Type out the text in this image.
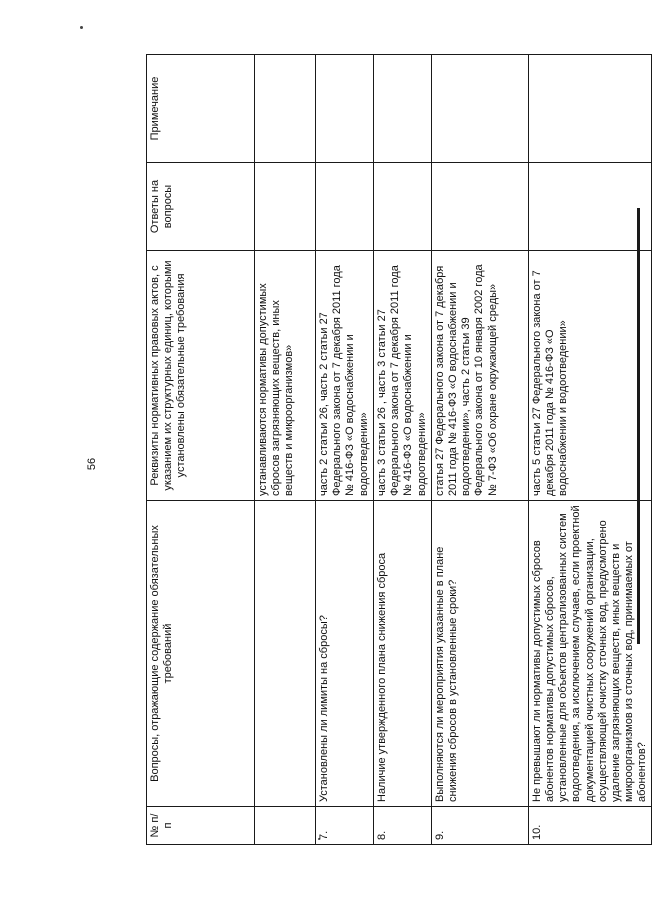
56
№ п/п	Вопросы, отражающие содержание обязательных требований	Реквизиты нормативных правовых актов, с указанием их структурных единиц, которыми установлены обязательные требования	Ответы на вопросы	Примечание
		устанавливаются нормативы допустимых сбросов загрязняющих веществ, иных веществ и микроорганизмов»		
7.	Установлены ли лимиты на сбросы?	часть 2 статьи 26, часть 2 статьи 27 Федерального закона от 7 декабря 2011 года № 416-ФЗ «О водоснабжении и водоотведении»		
8.	Наличие утвержденного плана снижения сброса	часть 3 статьи 26 , часть 3 статьи 27 Федерального закона от 7 декабря 2011 года № 416-ФЗ «О водоснабжении и водоотведении»		
9.	Выполняются ли мероприятия указанные в плане снижения сбросов в установленные сроки?	статья 27 Федерального закона от 7 декабря 2011 года № 416-ФЗ «О водоснабжении и водоотведении», часть 2 статьи 39 Федерального закона от 10 января 2002 года № 7-ФЗ «Об охране окружающей среды»		
10.	Не превышают ли нормативы допустимых сбросов абонентов нормативы допустимых сбросов, установленные для объектов централизованных систем водоотведения, за исключением случаев, если проектной документацией очистных сооружений организации, осуществляющей очистку сточных вод, предусмотрено удаление загрязняющих веществ, иных веществ и микроорганизмов из сточных вод, принимаемых от абонентов?	часть 5 статьи 27 Федерального закона от 7 декабря 2011 года № 416-ФЗ «О водоснабжении и водоотведении»		
